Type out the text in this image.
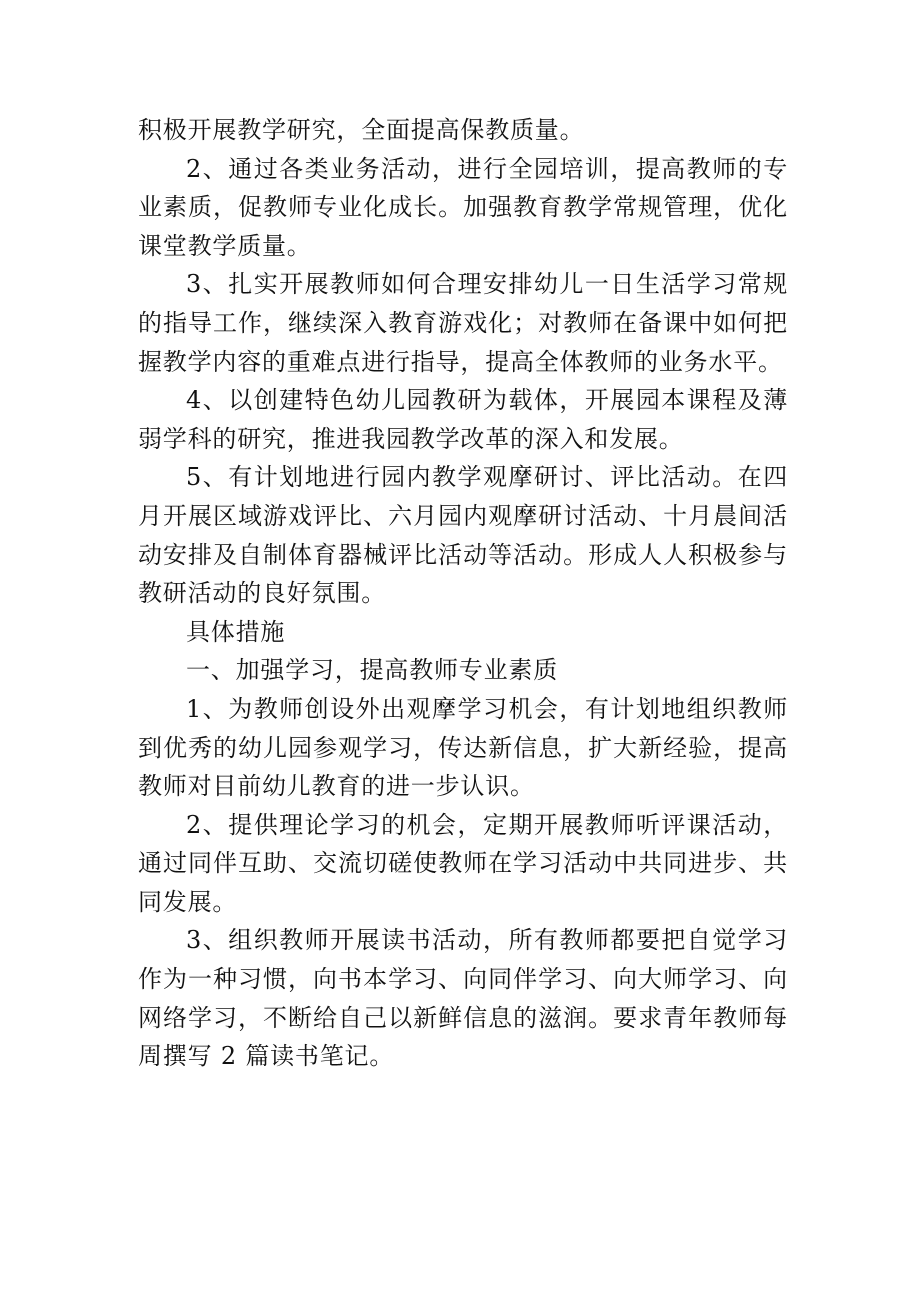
积极开展教学研究，全面提高保教质量。

2、通过各类业务活动，进行全园培训，提高教师的专业素质，促教师专业化成长。加强教育教学常规管理，优化课堂教学质量。

3、扎实开展教师如何合理安排幼儿一日生活学习常规的指导工作，继续深入教育游戏化；对教师在备课中如何把握教学内容的重难点进行指导，提高全体教师的业务水平。

4、以创建特色幼儿园教研为载体，开展园本课程及薄弱学科的研究，推进我园教学改革的深入和发展。

5、有计划地进行园内教学观摩研讨、评比活动。在四月开展区域游戏评比、六月园内观摩研讨活动、十月晨间活动安排及自制体育器械评比活动等活动。形成人人积极参与教研活动的良好氛围。

具体措施

一、加强学习，提高教师专业素质

1、为教师创设外出观摩学习机会，有计划地组织教师到优秀的幼儿园参观学习，传达新信息，扩大新经验，提高教师对目前幼儿教育的进一步认识。

2、提供理论学习的机会，定期开展教师听评课活动，通过同伴互助、交流切磋使教师在学习活动中共同进步、共同发展。

3、组织教师开展读书活动，所有教师都要把自觉学习作为一种习惯，向书本学习、向同伴学习、向大师学习、向网络学习，不断给自己以新鲜信息的滋润。要求青年教师每周撰写 2 篇读书笔记。
